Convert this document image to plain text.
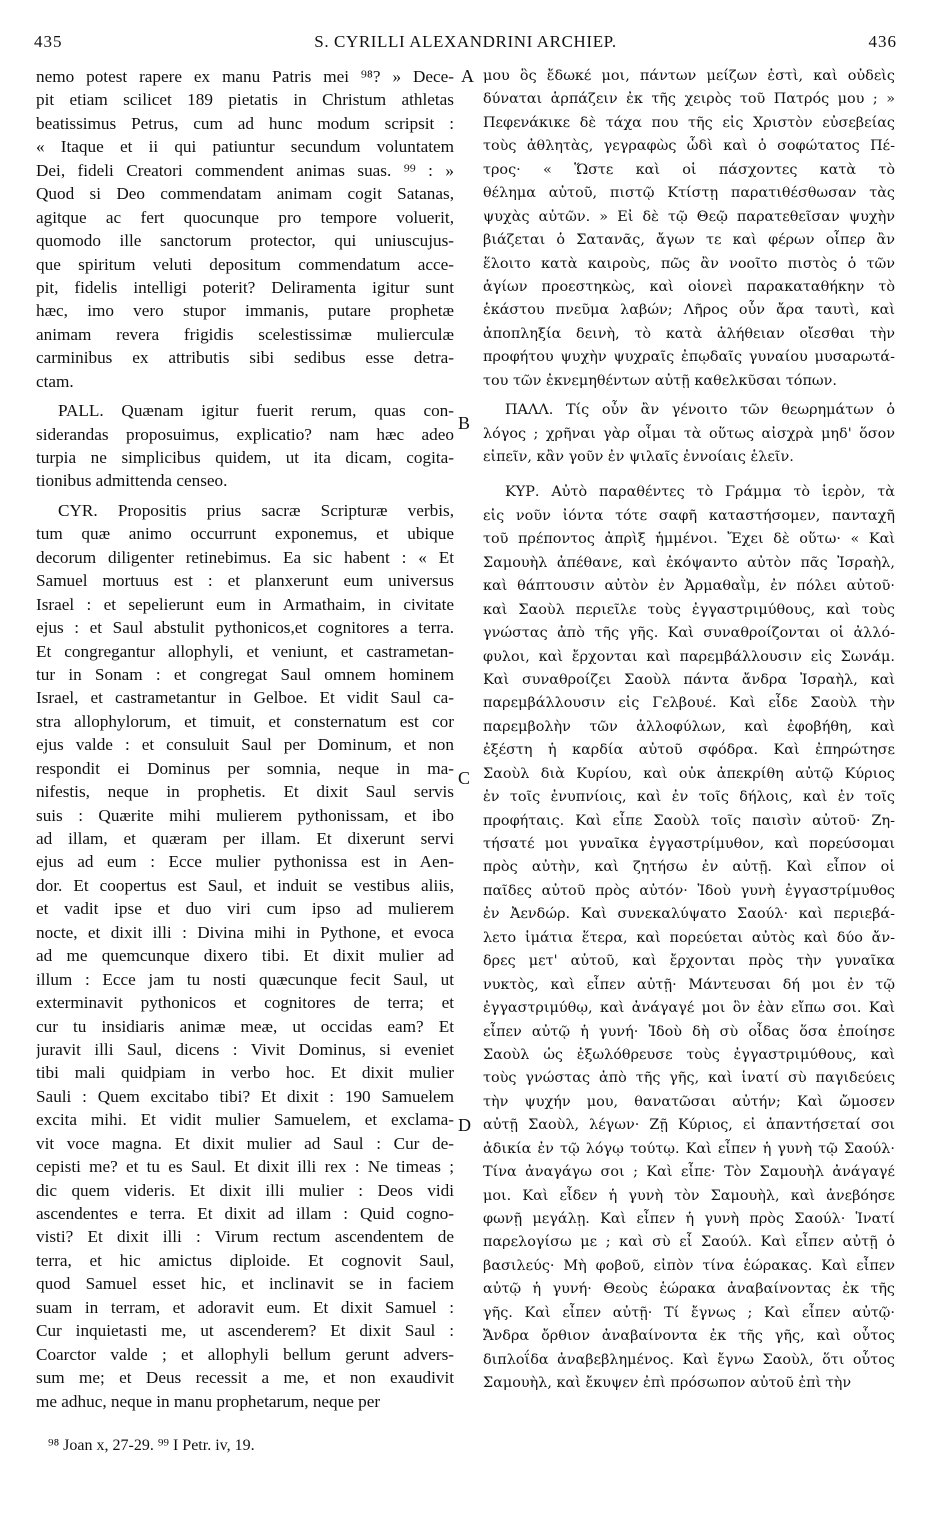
435	S. CYRILLI ALEXANDRINI ARCHIEP.	436
nemo potest rapere ex manu Patris mei ⁹⁸? » Dece-
pit etiam scilicet 189 pietatis in Christum athletas
beatissimus Petrus, cum ad hunc modum scripsit :
« Itaque et ii qui patiuntur secundum voluntatem
Dei, fideli Creatori commendent animas suas. ⁹⁹ : »
Quod si Deo commendatam animam cogit Satanas,
agitque ac fert quocunque pro tempore voluerit,
quomodo ille sanctorum protector, qui uniuscujus-
que spiritum veluti depositum commendatum acce-
pit, fidelis intelligi poterit? Deliramenta igitur sunt
hæc, imo vero stupor immanis, putare prophetæ
animam revera frigidis scelestissimæ mulierculæ
carminibus ex attributis sibi sedibus esse detra-
ctam.
PALL. Quænam igitur fuerit rerum, quas con-
siderandas proposuimus, explicatio? nam hæc adeo
turpia ne simplicibus quidem, ut ita dicam, cogita-
tionibus admittenda censeo.
CYR. Propositis prius sacræ Scripturæ verbis,
tum quæ animo occurrunt exponemus, et ubique
decorum diligenter retinebimus. Ea sic habent : « Et
Samuel mortuus est : et planxerunt eum universus
Israel : et sepelierunt eum in Armathaim, in civitate
ejus : et Saul abstulit pythonicos,et cognitores a terra.
Et congregantur allophyli, et veniunt, et castrametan-
tur in Sonam : et congregat Saul omnem hominem
Israel, et castrametantur in Gelboe. Et vidit Saul ca-
stra allophylorum, et timuit, et consternatum est cor
ejus valde : et consuluit Saul per Dominum, et non
respondit ei Dominus per somnia, neque in ma-
nifestis, neque in prophetis. Et dixit Saul servis
suis : Quærite mihi mulierem pythonissam, et ibo
ad illam, et quæram per illam. Et dixerunt servi
ejus ad eum : Ecce mulier pythonissa est in Aen-
dor. Et coopertus est Saul, et induit se vestibus aliis,
et vadit ipse et duo viri cum ipso ad mulierem
nocte, et dixit illi : Divina mihi in Pythone, et evoca
ad me quemcunque dixero tibi. Et dixit mulier ad
illum : Ecce jam tu nosti quæcunque fecit Saul, ut
exterminavit pythonicos et cognitores de terra; et
cur tu insidiaris animæ meæ, ut occidas eam? Et
juravit illi Saul, dicens : Vivit Dominus, si eveniet
tibi mali quidpiam in verbo hoc. Et dixit mulier
Sauli : Quem excitabo tibi? Et dixit : 190 Samuelem
excita mihi. Et vidit mulier Samuelem, et exclama-
vit voce magna. Et dixit mulier ad Saul : Cur de-
cepisti me? et tu es Saul. Et dixit illi rex : Ne timeas ;
dic quem videris. Et dixit illi mulier : Deos vidi
ascendentes e terra. Et dixit ad illam : Quid cogno-
visti? Et dixit illi : Virum rectum ascendentem de
terra, et hic amictus diploide. Et cognovit Saul,
quod Samuel esset hic, et inclinavit se in faciem
suam in terram, et adoravit eum. Et dixit Samuel :
Cur inquietasti me, ut ascenderem? Et dixit Saul :
Coarctor valde ; et allophyli bellum gerunt advers-
sum me; et Deus recessit a me, et non exaudivit
me adhuc, neque in manu prophetarum, neque per
μου ὃς ἔδωκέ μοι, πάντων μείζων ἐστὶ, καὶ οὐδεὶς
δύναται ἁρπάζειν ἐκ τῆς χειρὸς τοῦ Πατρός μου ; »
Πεφενάκικε δὲ τάχα που τῆς εἰς Χριστὸν εὐσεβείας
τοὺς ἀθλητὰς, γεγραφὼς ὧδὶ καὶ ὁ σοφώτατος Πέ-
τρος· « Ὥστε καὶ οἱ πάσχοντες κατὰ τὸ
θέλημα αὐτοῦ, πιστῷ Κτίστῃ παρατιθέσθωσαν τὰς
ψυχὰς αὐτῶν. » Εἰ δὲ τῷ Θεῷ παρατεθεῖσαν ψυχὴν
βιάζεται ὁ Σατανᾶς, ἄγων τε καὶ φέρων οἷπερ ἂν
ἕλοιτο κατὰ καιροὺς, πῶς ἂν νοοῖτο πιστὸς ὁ τῶν
ἁγίων προεστηκὼς, καὶ οἱονεὶ παρακαταθήκην τὸ
ἑκάστου πνεῦμα λαβών; Λῆρος οὖν ἄρα ταυτὶ, καὶ
ἀποπληξία δεινὴ, τὸ κατὰ ἀλήθειαν οἴεσθαι τὴν
προφήτου ψυχὴν ψυχραῖς ἐπῳδαῖς γυναίου μυσαρωτά-
του τῶν ἐκνεμηθέντων αὐτῇ καθελκῦσαι τόπων.
ΠΑΛΛ. Τίς οὖν ἂν γένοιτο τῶν θεωρημάτων ὁ
λόγος ; χρῆναι γὰρ οἶμαι τὰ οὕτως αἰσχρὰ μηδ' ὅσον
εἰπεῖν, κἂν γοῦν ἐν ψιλαῖς ἐννοίαις ἑλεῖν.
ΚΥΡ. Αὐτὸ παραθέντες τὸ Γράμμα τὸ ἱερὸν, τὰ
εἰς νοῦν ἰόντα τότε σαφῆ καταστήσομεν, πανταχῆ
τοῦ πρέποντος ἀπρὶξ ἡμμένοι. Ἔχει δὲ οὕτω· « Καὶ
Σαμουὴλ ἀπέθανε, καὶ ἐκόψαντο αὐτὸν πᾶς Ἰσραὴλ,
καὶ θάπτουσιν αὐτὸν ἐν Ἀρμαθαῒμ, ἐν πόλει αὐτοῦ·
καὶ Σαοὺλ περιεῖλε τοὺς ἐγγαστριμύθους, καὶ τοὺς
γνώστας ἀπὸ τῆς γῆς. Καὶ συναθροίζονται οἱ ἀλλό-
φυλοι, καὶ ἔρχονται καὶ παρεμβάλλουσιν εἰς Σωνάμ.
Καὶ συναθροίζει Σαοὺλ πάντα ἄνδρα Ἰσραὴλ, καὶ
παρεμβάλλουσιν εἰς Γελβουέ. Καὶ εἶδε Σαοὺλ τὴν
παρεμβολὴν τῶν ἀλλοφύλων, καὶ ἐφοβήθη, καὶ
ἐξέστη ἡ καρδία αὐτοῦ σφόδρα. Καὶ ἐπηρώτησε
Σαοὺλ διὰ Κυρίου, καὶ οὐκ ἀπεκρίθη αὐτῷ Κύριος
ἐν τοῖς ἐνυπνίοις, καὶ ἐν τοῖς δήλοις, καὶ ἐν τοῖς
προφήταις. Καὶ εἶπε Σαοὺλ τοῖς παισὶν αὐτοῦ· Ζη-
τήσατέ μοι γυναῖκα ἐγγαστρίμυθον, καὶ πορεύσομαι
πρὸς αὐτὴν, καὶ ζητήσω ἐν αὐτῇ. Καὶ εἶπον οἱ
παῖδες αὐτοῦ πρὸς αὐτόν· Ἰδοὺ γυνὴ ἐγγαστρίμυθος
ἐν Ἀενδώρ. Καὶ συνεκαλύψατο Σαούλ· καὶ περιεβά-
λετο ἱμάτια ἕτερα, καὶ πορεύεται αὐτὸς καὶ δύο ἄν-
δρες μετ' αὐτοῦ, καὶ ἔρχονται πρὸς τὴν γυναῖκα
νυκτὸς, καὶ εἶπεν αὐτῇ· Μάντευσαι δή μοι ἐν τῷ
ἐγγαστριμύθῳ, καὶ ἀνάγαγέ μοι ὃν ἐὰν εἴπω σοι. Καὶ
εἶπεν αὐτῷ ἡ γυνή· Ἰδοὺ δὴ σὺ οἶδας ὅσα ἐποίησε
Σαοὺλ ὡς ἐξωλόθρευσε τοὺς ἐγγαστριμύθους, καὶ
τοὺς γνώστας ἀπὸ τῆς γῆς, καὶ ἱνατί σὺ παγιδεύεις
τὴν ψυχήν μου, θανατῶσαι αὐτήν; Καὶ ὤμοσεν
αὐτῇ Σαοὺλ, λέγων· Ζῇ Κύριος, εἰ ἀπαντήσεταί σοι
ἀδικία ἐν τῷ λόγῳ τούτῳ. Καὶ εἶπεν ἡ γυνὴ τῷ Σαούλ·
Τίνα ἀναγάγω σοι ; Καὶ εἶπε· Τὸν Σαμουὴλ ἀνάγαγέ
μοι. Καὶ εἶδεν ἡ γυνὴ τὸν Σαμουὴλ, καὶ ἀνεβόησε
φωνῇ μεγάλῃ. Καὶ εἶπεν ἡ γυνὴ πρὸς Σαούλ· Ἱνατί
παρελογίσω με ; καὶ σὺ εἶ Σαούλ. Καὶ εἶπεν αὐτῇ ὁ
βασιλεύς· Μὴ φοβοῦ, εἰπὸν τίνα ἑώρακας. Καὶ εἶπεν
αὐτῷ ἡ γυνή· Θεοὺς ἑώρακα ἀναβαίνοντας ἐκ τῆς
γῆς. Καὶ εἶπεν αὐτῇ· Τί ἔγνως ; Καὶ εἶπεν αὐτῷ·
Ἄνδρα ὄρθιον ἀναβαίνοντα ἐκ τῆς γῆς, καὶ οὗτος
διπλοΐδα ἀναβεβλημένος. Καὶ ἔγνω Σαοὺλ, ὅτι οὗτος
Σαμουὴλ, καὶ ἔκυψεν ἐπὶ πρόσωπον αὐτοῦ ἐπὶ τὴν
A
B
C
D
⁹⁸ Joan x, 27-29. ⁹⁹ I Petr. iv, 19.
